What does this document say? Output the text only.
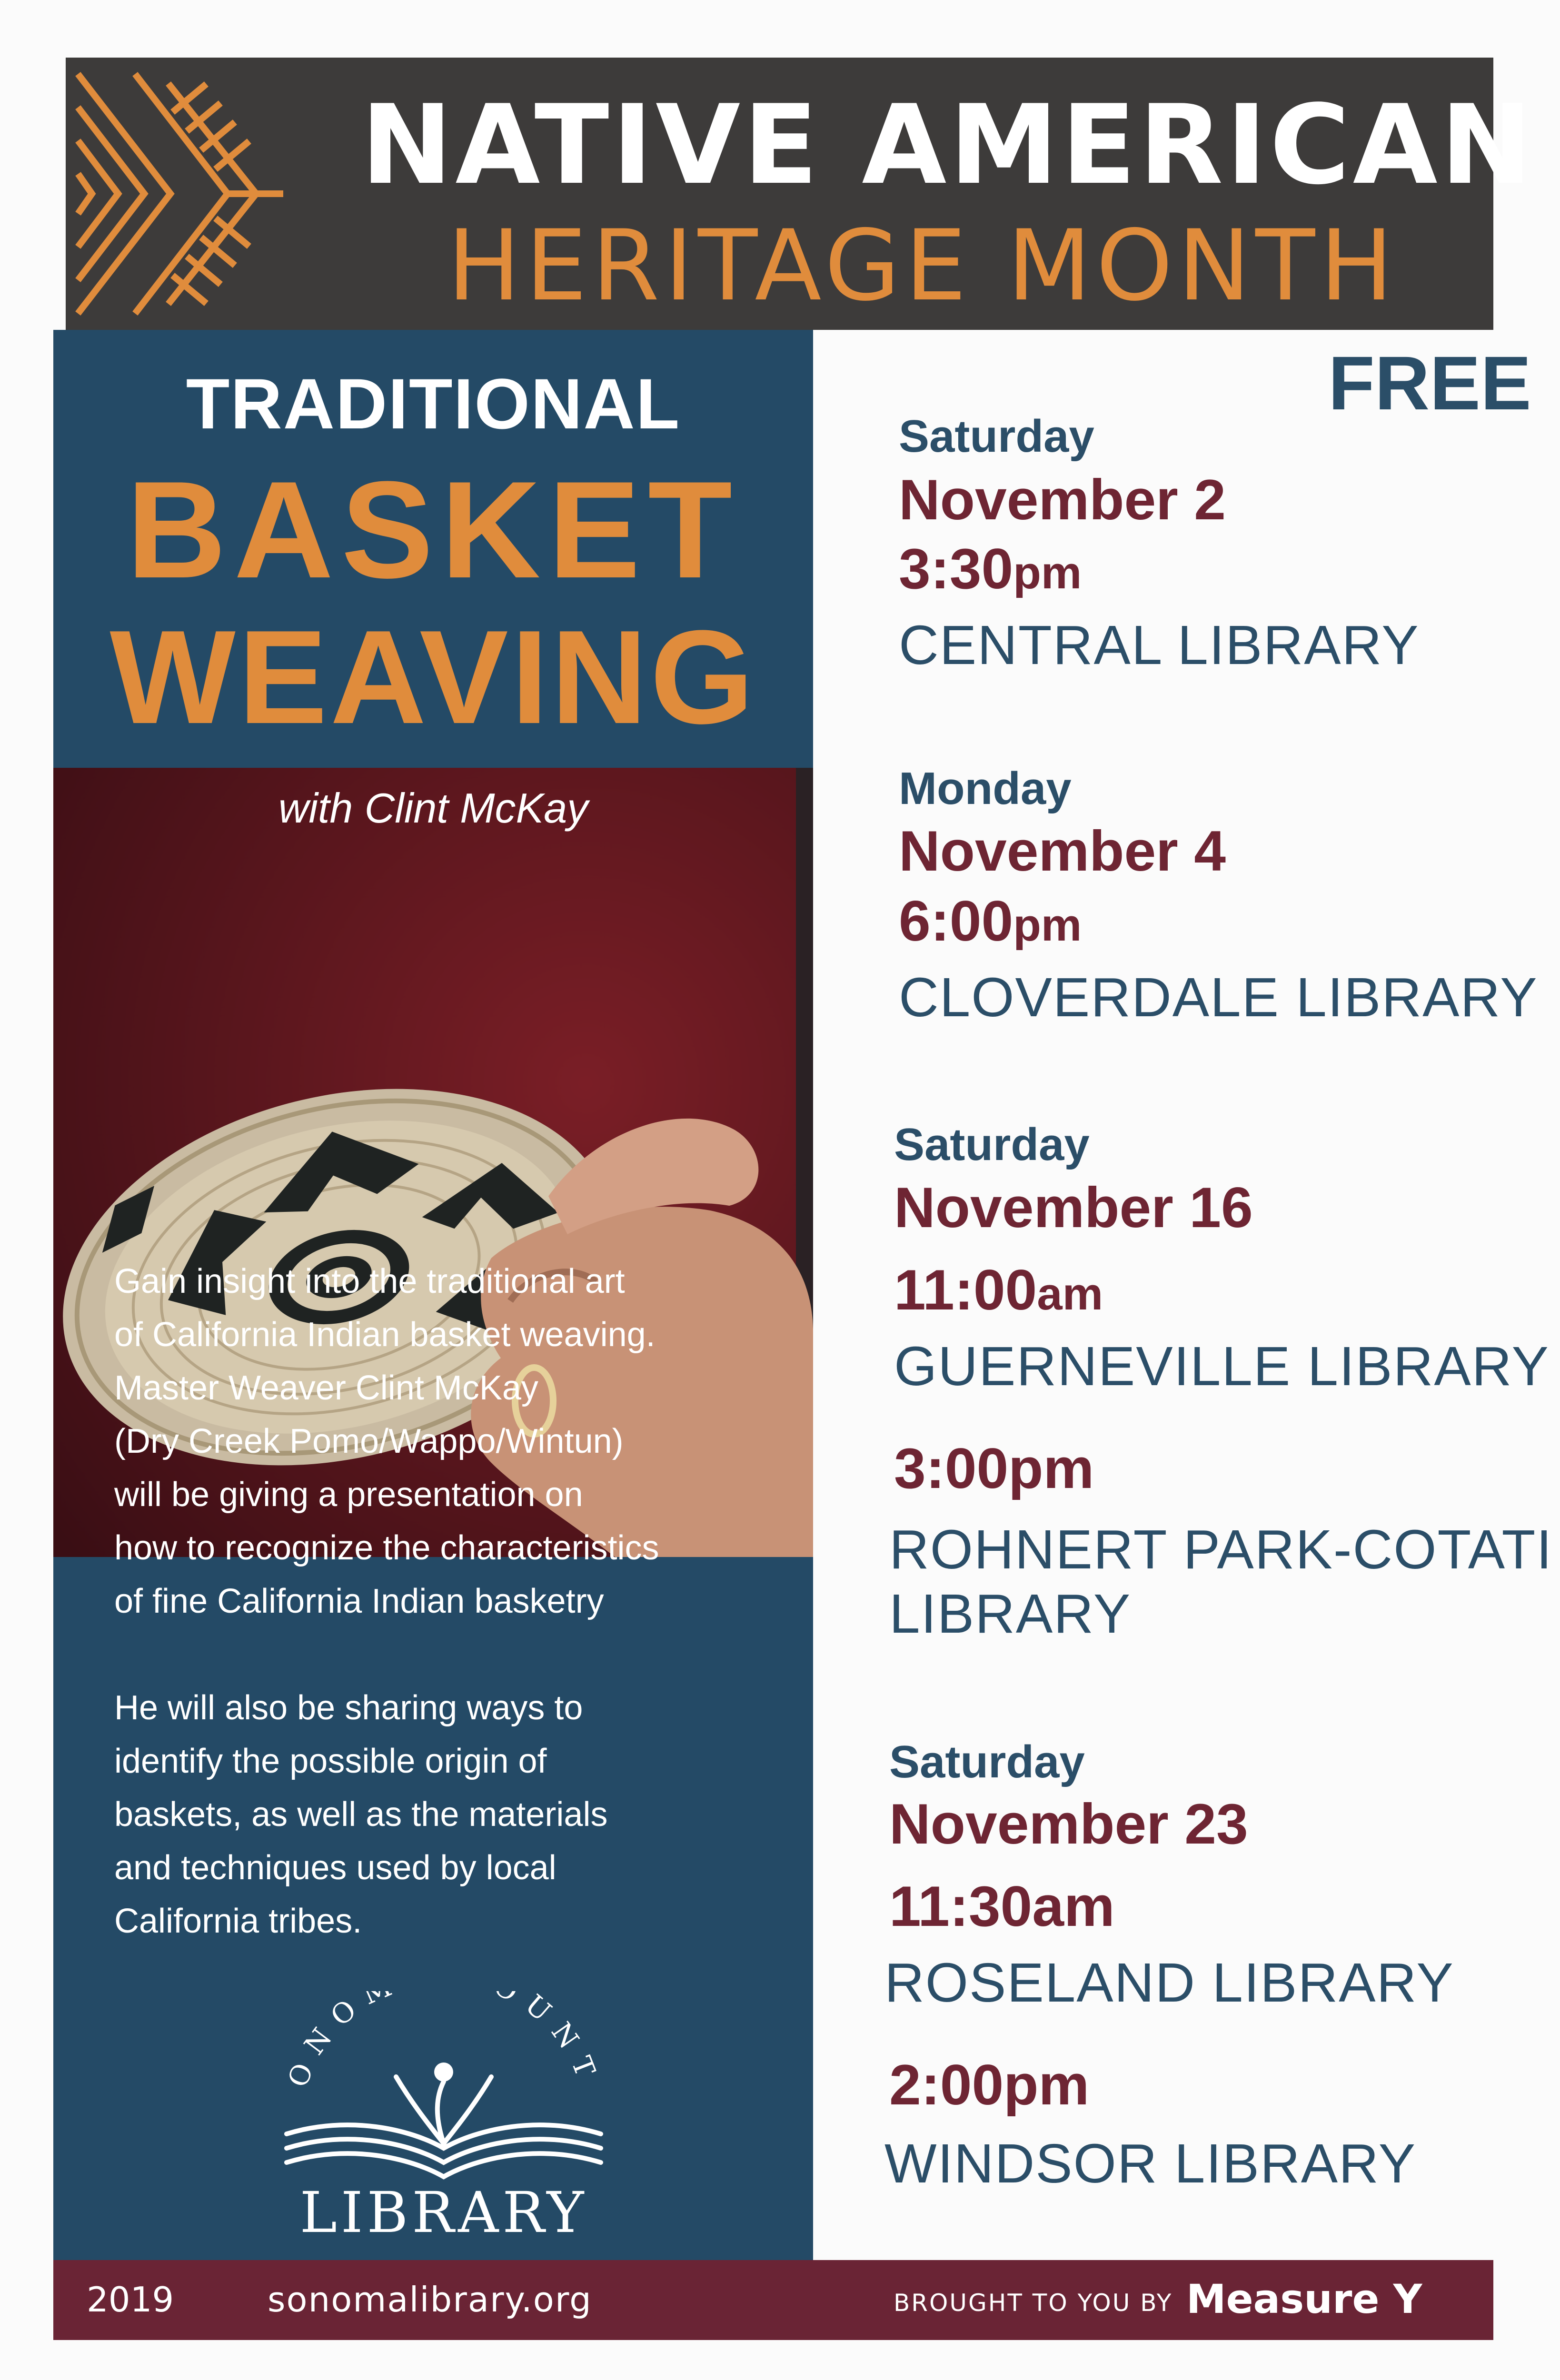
NATIVE AMERICAN
HERITAGE MONTH
TRADITIONAL
BASKET
WEAVING
with Clint McKay

Gain insight into the traditional art
of California Indian basket weaving.
Master Weaver Clint McKay
(Dry Creek Pomo/Wappo/Wintun)
will be giving a presentation on
how to recognize the characteristics
of fine California Indian basketry

He will also be sharing ways to
identify the possible origin of
baskets, as well as the materials
and techniques used by local
California tribes.

ONO OUNT
LIBRARY
FREE
Saturday
November 2
3:30pm
CENTRAL LIBRARY
Monday
November 4
6:00pm
CLOVERDALE LIBRARY
Saturday
November 16
11:00am
GUERNEVILLE LIBRARY
3:00pm
ROHNERT PARK-COTATI
LIBRARY
Saturday
November 23
11:30am
ROSELAND LIBRARY
2:00pm
WINDSOR LIBRARY
2019	sonomalibrary.org	BROUGHT TO YOU BY Measure Y
